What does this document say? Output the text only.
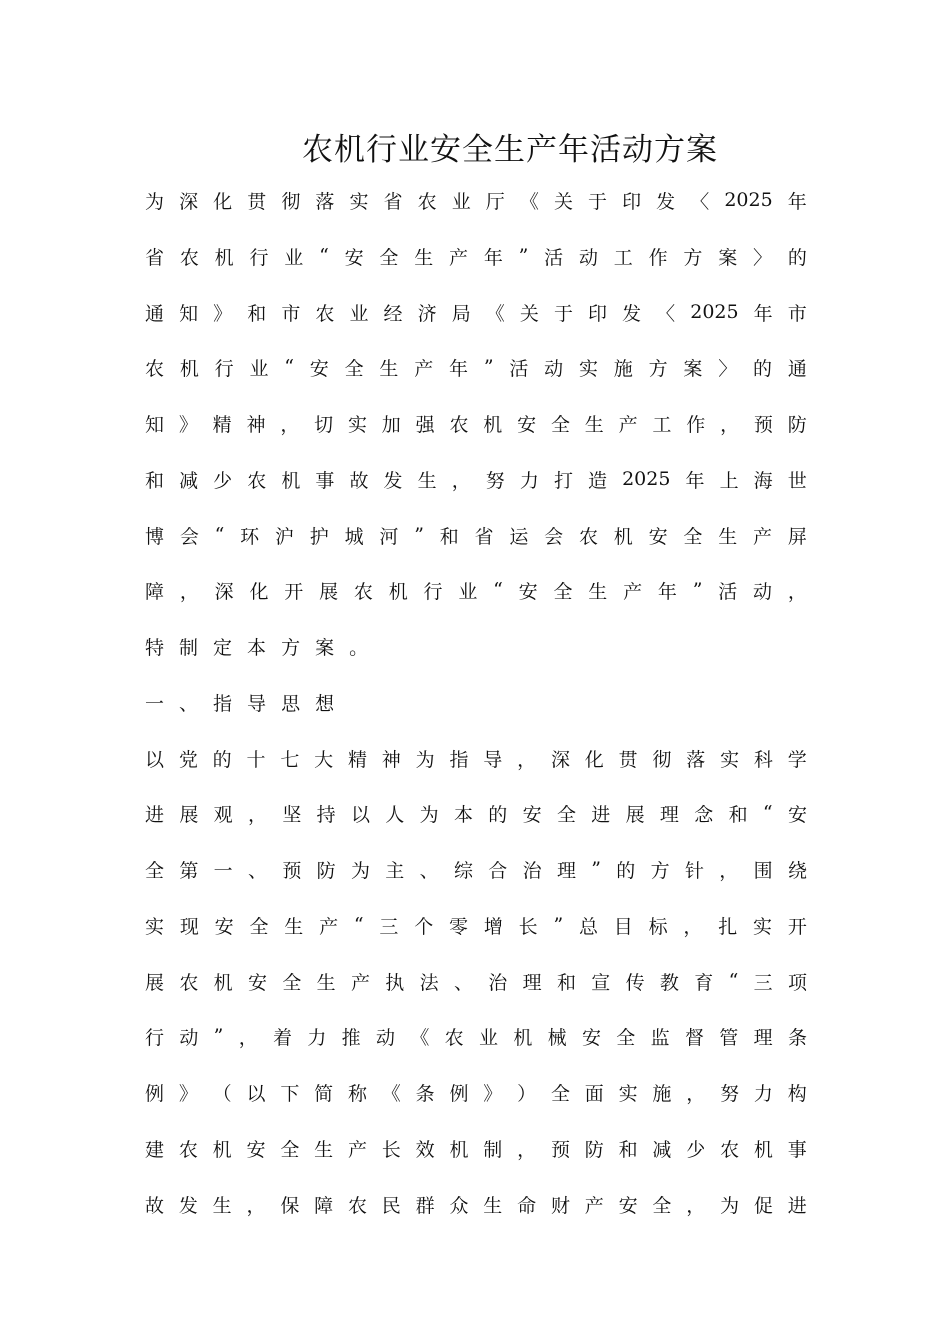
农机行业安全生产年活动方案
为 深 化 贯 彻 落 实 省 农 业 厅 《 关 于 印 发 〈 2025 年
省 农 机 行 业 “ 安 全 生 产 年 ” 活 动 工 作 方 案 〉 的
通 知 》 和 市 农 业 经 济 局 《 关 于 印 发 〈 2025 年 市
农 机 行 业 “ 安 全 生 产 年 ” 活 动 实 施 方 案 〉 的 通
知 》 精 神 ， 切 实 加 强 农 机 安 全 生 产 工 作 ， 预 防
和 减 少 农 机 事 故 发 生 ， 努 力 打 造 2025 年 上 海 世
博 会 “ 环 沪 护 城 河 ” 和 省 运 会 农 机 安 全 生 产 屏
障 ， 深 化 开 展 农 机 行 业 “ 安 全 生 产 年 ” 活 动 ，
特 制 定 本 方 案 。
一 、 指 导 思 想
以 党 的 十 七 大 精 神 为 指 导 ， 深 化 贯 彻 落 实 科 学
进 展 观 ， 坚 持 以 人 为 本 的 安 全 进 展 理 念 和 “ 安
全 第 一 、 预 防 为 主 、 综 合 治 理 ” 的 方 针 ， 围 绕
实 现 安 全 生 产 “ 三 个 零 增 长 ” 总 目 标 ， 扎 实 开
展 农 机 安 全 生 产 执 法 、 治 理 和 宣 传 教 育 “ 三 项
行 动 ” ， 着 力 推 动 《 农 业 机 械 安 全 监 督 管 理 条
例 》 （ 以 下 简 称 《 条 例 》 ） 全 面 实 施 ， 努 力 构
建 农 机 安 全 生 产 长 效 机 制 ， 预 防 和 减 少 农 机 事
故 发 生 ， 保 障 农 民 群 众 生 命 财 产 安 全 ， 为 促 进
